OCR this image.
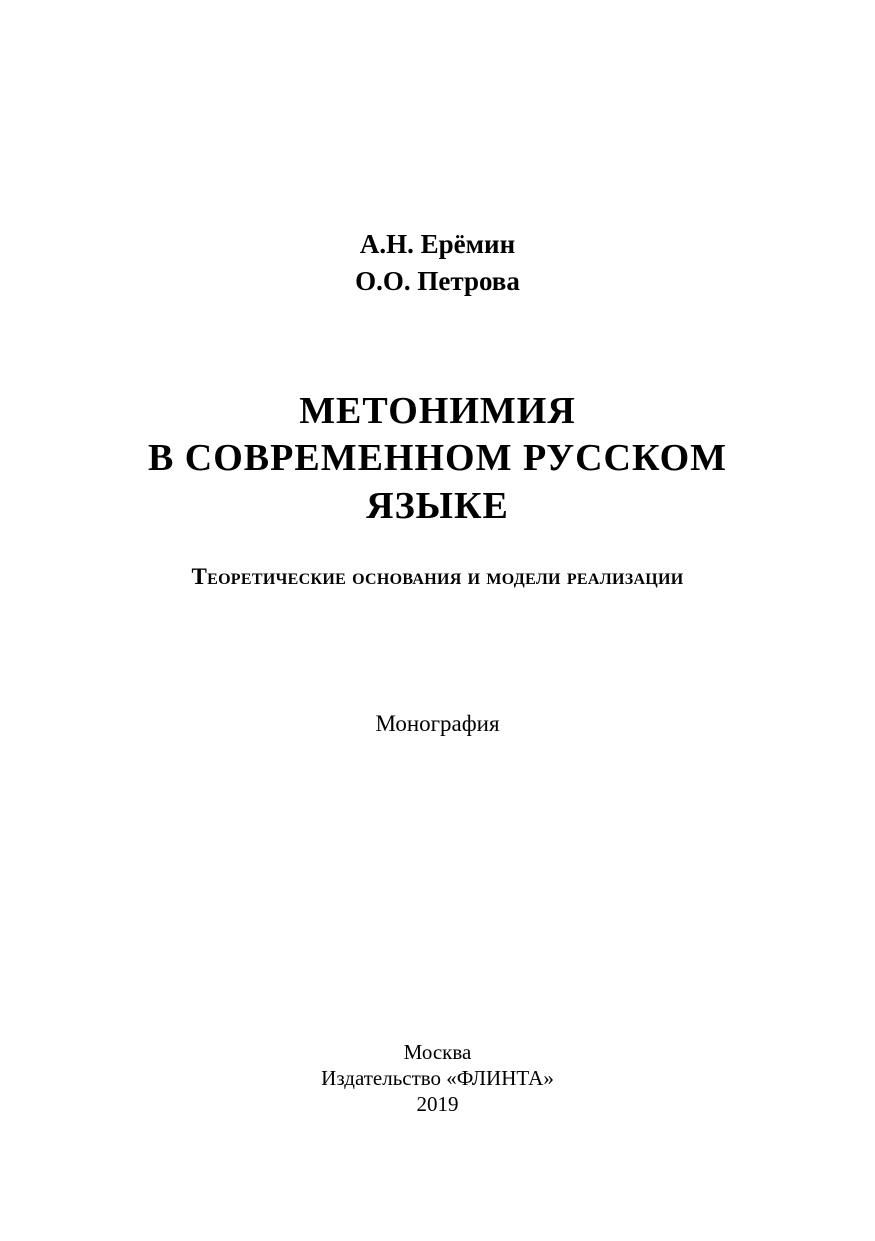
А.Н. Ерёмин

О.О. Петрова

МЕТОНИМИЯ

В СОВРЕМЕННОМ РУССКОМ

ЯЗЫКЕ

Теоретические основания и модели реализации

Монография

Москва

Издательство «ФЛИНТА»

2019
